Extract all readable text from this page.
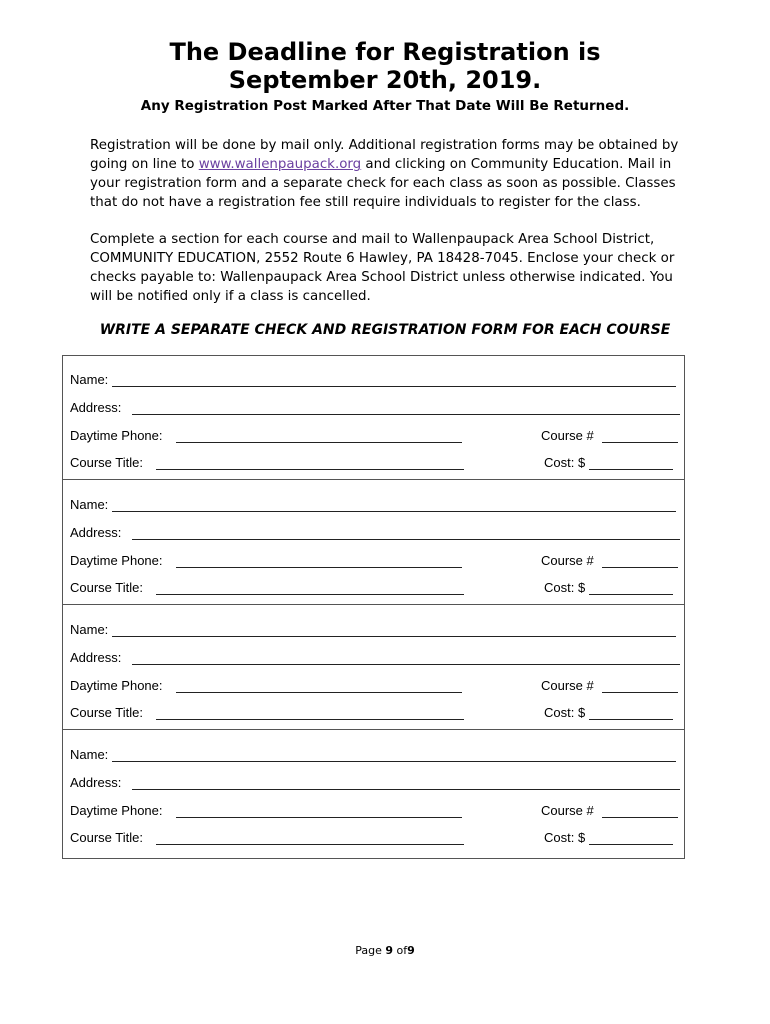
The Deadline for Registration is
September 20th, 2019.
Any Registration Post Marked After That Date Will Be Returned.
Registration will be done by mail only. Additional registration forms may be obtained by going on line to www.wallenpaupack.org and clicking on Community Education. Mail in your registration form and a separate check for each class as soon as possible. Classes that do not have a registration fee still require individuals to register for the class.
Complete a section for each course and mail to Wallenpaupack Area School District, COMMUNITY EDUCATION, 2552 Route 6 Hawley, PA 18428-7045. Enclose your check or checks payable to: Wallenpaupack Area School District unless otherwise indicated. You will be notified only if a class is cancelled.
WRITE A SEPARATE CHECK AND REGISTRATION FORM FOR EACH COURSE
Name:
Address:
Daytime Phone:	Course #
Course Title:	Cost: $
Name:
Address:
Daytime Phone:	Course #
Course Title:	Cost: $
Name:
Address:
Daytime Phone:	Course #
Course Title:	Cost: $
Name:
Address:
Daytime Phone:	Course #
Course Title:	Cost: $
Page 9 of9
